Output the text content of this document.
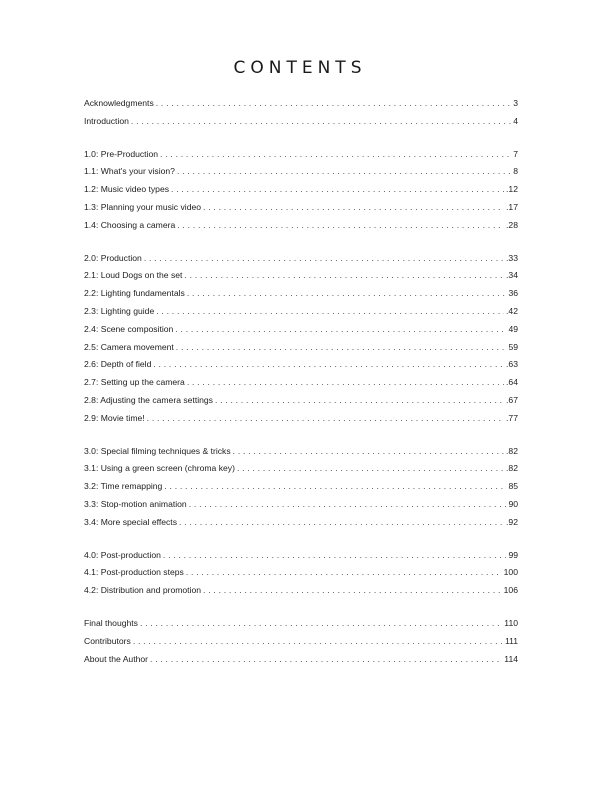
CONTENTS
Acknowledgments . . .	3
Introduction . . .	4
1.0: Pre-Production . . .	7
1.1: What's your vision? . . .	8
1.2: Music video types . . .	.12
1.3: Planning your music video . . .	.17
1.4: Choosing a camera . . .	.28
2.0: Production . . .	.33
2.1: Loud Dogs on the set . . .	.34
2.2: Lighting fundamentals . . .	36
2.3: Lighting guide . . .	.42
2.4: Scene composition . . .	49
2.5: Camera movement . . .	59
2.6: Depth of field . . .	.63
2.7: Setting up the camera . . .	.64
2.8: Adjusting the camera settings . . .	.67
2.9: Movie time! . . .	.77
3.0: Special filming techniques & tricks . . .	.82
3.1: Using a green screen (chroma key) . . .	.82
3.2: Time remapping . . .	85
3.3: Stop-motion animation . . .	90
3.4: More special effects . . .	.92
4.0: Post-production . . .	99
4.1: Post-production steps . . .	100
4.2: Distribution and promotion . . .	106
Final thoughts . . .	110
Contributors . . .	111
About the Author . . .	114
